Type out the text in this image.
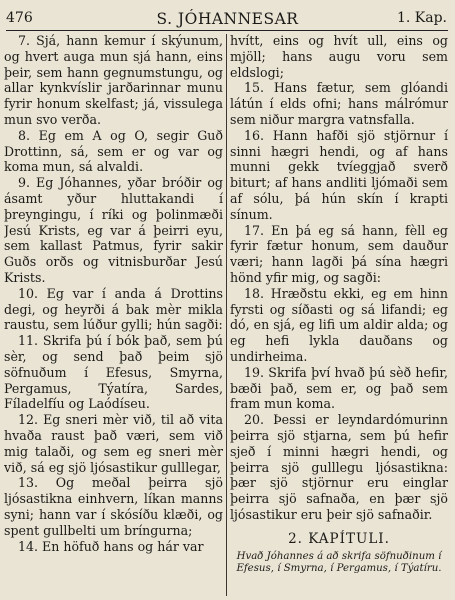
476	S. JÓHANNESAR	1. Kap.

7. Sjá, hann kemur í skýunum, og hvert auga mun sjá hann, eins þeir, sem hann gegnumstungu, og allar kynkvíslir jarðarinnar munu fyrir honum skelfast; já, vissulega mun svo verða.

8. Eg em A og O, segir Guð Drottinn, sá, sem er og var og koma mun, sá alvaldi.

9. Eg Jóhannes, yðar bróðir og ásamt yður hluttakandi í þreyngingu, í ríki og þolinmæði Jesú Krists, eg var á þeirri eyu, sem kallast Patmus, fyrir sakir Guðs orðs og vitnisburðar Jesú Krists.

10. Eg var í anda á Drottins degi, og heyrði á bak mèr mikla raustu, sem lúður gylli; hún sagði:

11. Skrifa þú í bók það, sem þú sèr, og send það þeim sjö söfnuðum í Efesus, Smyrna, Pergamus, Týatíra, Sardes, Fíladelfíu og Laódíseu.

12. Eg sneri mèr við, til að vita hvaða raust það væri, sem við mig talaði, og sem eg sneri mèr við, sá eg sjö ljósastikur gulllegar,

13. Og meðal þeirra sjö ljósastikna einhvern, líkan manns syni; hann var í skósíðu klæði, og spent gullbelti um bríngurna;

14. En höfuð hans og hár var

hvítt, eins og hvít ull, eins og mjöll; hans augu voru sem eldslogi;

15. Hans fætur, sem glóandi látún í elds ofni; hans málrómur sem niður margra vatnsfalla.

16. Hann hafði sjö stjörnur í sinni hægri hendi, og af hans munni gekk tvíeggjað sverð biturt; af hans andliti ljómaði sem af sólu, þá hún skín í krapti sínum.

17. En þá eg sá hann, fèll eg fyrir fætur honum, sem dauður væri; hann lagði þá sína hægri hönd yfir mig, og sagði:

18. Hræðstu ekki, eg em hinn fyrsti og síðasti og sá lifandi; eg dó, en sjá, eg lifi um aldir alda; og eg hefi lykla dauðans og undirheima.

19. Skrifa því hvað þú sèð hefir, bæði það, sem er, og það sem fram mun koma.

20. Þessi er leyndardómurinn þeirra sjö stjarna, sem þú hefir sjeð í minni hægri hendi, og þeirra sjö gulllegu ljósastikna: þær sjö stjörnur eru einglar þeirra sjö safnaða, en þær sjö ljósastikur eru þeir sjö safnaðir.

2. KAPÍTULI.

Hvað Jóhannes á að skrifa söfnuðinum í Efesus, í Smyrna, í Pergamus, í Týatíru.
